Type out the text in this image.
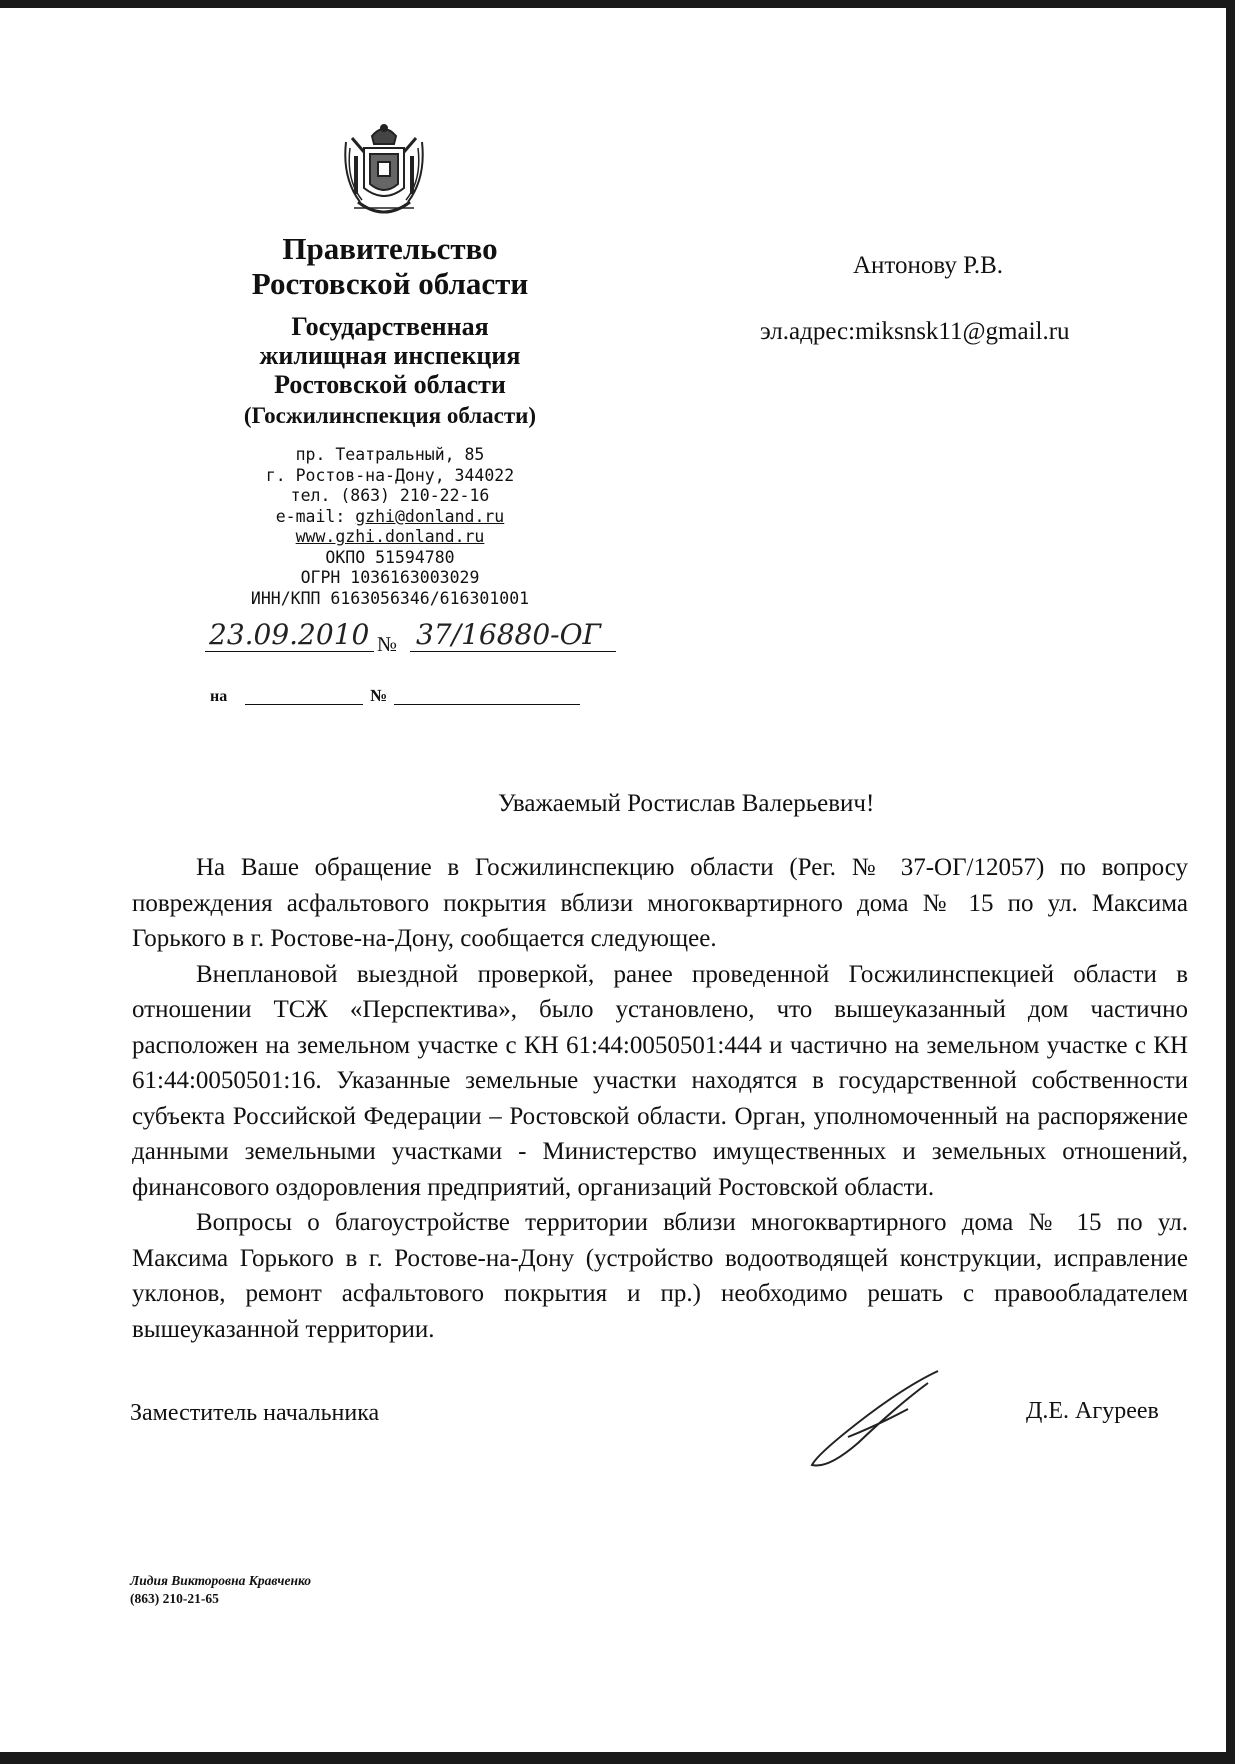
Правительство
Ростовской области
Государственная
жилищная инспекция
Ростовской области
(Госжилинспекция области)
пр. Театральный, 85
г. Ростов-на-Дону, 344022
тел. (863) 210-22-16
e-mail: gzhi@donland.ru
www.gzhi.donland.ru
ОКПО 51594780
ОГРН 1036163003029
ИНН/КПП 6163056346/616301001
23.09.2010 № 37/16880-ОГ
на	№
Антонову Р.В.
эл.адрес:miksnsk11@gmail.ru
Уважаемый Ростислав Валерьевич!

На Ваше обращение в Госжилинспекцию области (Рег. № 37-ОГ/12057) по вопросу повреждения асфальтового покрытия вблизи многоквартирного дома № 15 по ул. Максима Горького в г. Ростове-на-Дону, сообщается следующее.

Внеплановой выездной проверкой, ранее проведенной Госжилинспекцией области в отношении ТСЖ «Перспектива», было установлено, что вышеуказанный дом частично расположен на земельном участке с КН 61:44:0050501:444 и частично на земельном участке с КН 61:44:0050501:16. Указанные земельные участки находятся в государственной собственности субъекта Российской Федерации – Ростовской области. Орган, уполномоченный на распоряжение данными земельными участками - Министерство имущественных и земельных отношений, финансового оздоровления предприятий, организаций Ростовской области.

Вопросы о благоустройстве территории вблизи многоквартирного дома № 15 по ул. Максима Горького в г. Ростове-на-Дону (устройство водоотводящей конструкции, исправление уклонов, ремонт асфальтового покрытия и пр.) необходимо решать с правообладателем вышеуказанной территории.

Заместитель начальника	Д.Е. Агуреев
Лидия Викторовна Кравченко
(863) 210-21-65
